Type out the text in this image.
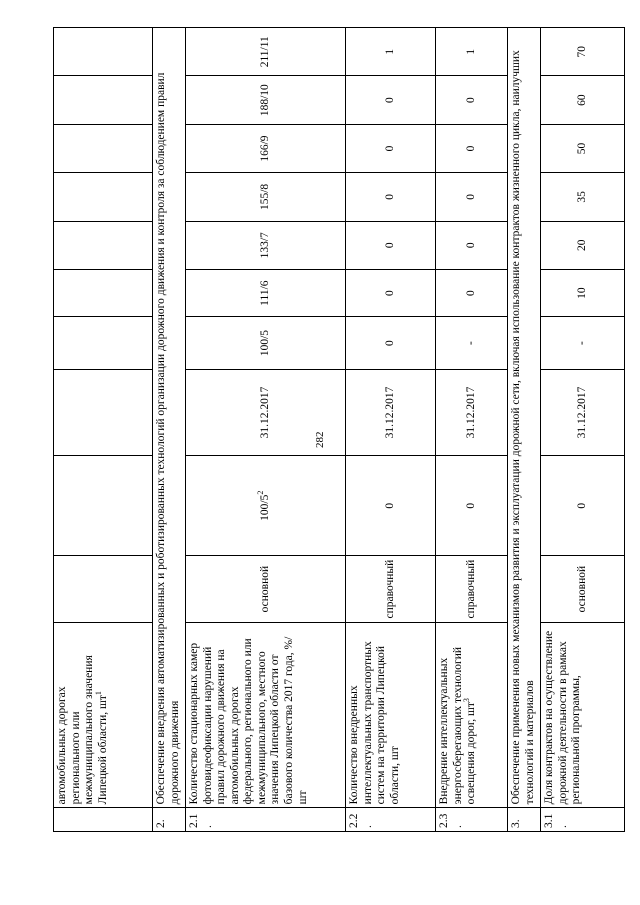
282
	автомобильных дорогах регионального или межмуниципального значения Липецкой области, $шт^1$										
2.	Обеспечение внедрения автоматизированных и роботизированных технологий организации дорожного движения и контроля за соблюдением правил дорожного движения										
2.1.	Количество стационарных камер фотовидеофиксации нарушений правил дорожного движения на автомобильных дорогах федерального, регионального или межмуниципального, местного значения Липецкой области от базового количества 2017 года, %/шт	основной	$100/5^2$	31.12.2017	100/5	111/6	133/7	155/8	166/9	188/10	211/11
2.2.	Количество внедренных интеллектуальных транспортных систем на территории Липецкой области, шт	справочный	0	31.12.2017	0	0	0	0	0	0	1
2.3.	Внедрение интеллектуальных энергосберегающих технологий освещения дорог, $шт^3$	справочный	0	31.12.2017	-	0	0	0	0	0	1
3.	Обеспечение применения новых механизмов развития и эксплуатации дорожной сети, включая использование контрактов жизненного цикла, наилучших технологий и материалов										
3.1.	Доля контрактов на осуществление дорожной деятельности в рамках региональной программы,	основной	0	31.12.2017	-	10	20	35	50	60	70
